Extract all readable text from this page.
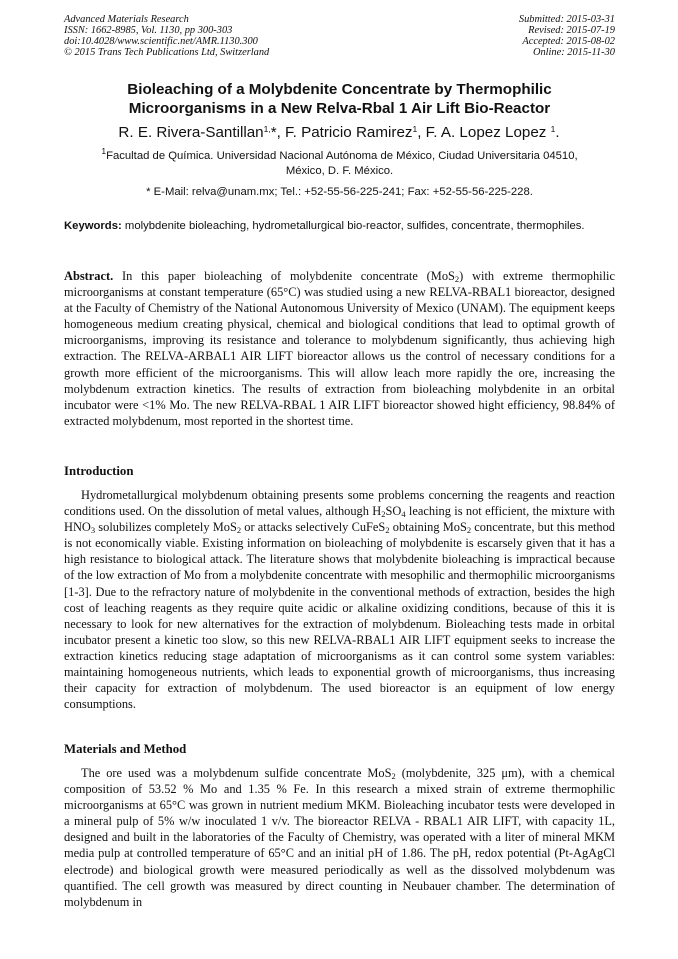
Advanced Materials Research
ISSN: 1662-8985, Vol. 1130, pp 300-303
doi:10.4028/www.scientific.net/AMR.1130.300
© 2015 Trans Tech Publications Ltd, Switzerland
Submitted: 2015-03-31
Revised: 2015-07-19
Accepted: 2015-08-02
Online: 2015-11-30
Bioleaching of a Molybdenite Concentrate by Thermophilic
Microorganisms in a New Relva-Rbal 1 Air Lift Bio-Reactor
R. E. Rivera-Santillan$^{1,}$*, F. Patricio Ramirez$^1$, F. A. Lopez Lopez $^1$.
$^1$Facultad de Química. Universidad Nacional Autónoma de México, Ciudad Universitaria 04510,
México, D. F. México.
* E-Mail: relva@unam.mx; Tel.: +52-55-56-225-241; Fax: +52-55-56-225-228.
Keywords: molybdenite bioleaching, hydrometallurgical bio-reactor, sulfides, concentrate, thermophiles.
Abstract. In this paper bioleaching of molybdenite concentrate (MoS$_2$) with extreme thermophilic microorganisms at constant temperature (65°C) was studied using a new RELVA-RBAL1 bioreactor, designed at the Faculty of Chemistry of the National Autonomous University of Mexico (UNAM). The equipment keeps homogeneous medium creating physical, chemical and biological conditions that lead to optimal growth of microorganisms, improving its resistance and tolerance to molybdenum significantly, thus achieving high extraction. The RELVA-ARBAL1 AIR LIFT bioreactor allows us the control of necessary conditions for a growth more efficient of the microorganisms. This will allow leach more rapidly the ore, increasing the molybdenum extraction kinetics. The results of extraction from bioleaching molybdenite in an orbital incubator were <1% Mo. The new RELVA-RBAL 1 AIR LIFT bioreactor showed hight efficiency, 98.84% of extracted molybdenum, most reported in the shortest time.
Introduction
Hydrometallurgical molybdenum obtaining presents some problems concerning the reagents and reaction conditions used. On the dissolution of metal values, although $H_2SO_4$ leaching is not efficient, the mixture with $HNO_3$ solubilizes completely MoS$_2$ or attacks selectively CuFeS$_2$ obtaining MoS$_2$ concentrate, but this method is not economically viable. Existing information on bioleaching of molybdenite is escarsely given that it has a high resistance to biological attack. The literature shows that molybdenite bioleaching is impractical because of the low extraction of Mo from a molybdenite concentrate with mesophilic and thermophilic microorganisms [1-3]. Due to the refractory nature of molybdenite in the conventional methods of extraction, besides the high cost of leaching reagents as they require quite acidic or alkaline oxidizing conditions, because of this it is necessary to look for new alternatives for the extraction of molybdenum. Bioleaching tests made in orbital incubator present a kinetic too slow, so this new RELVA-RBAL1 AIR LIFT equipment seeks to increase the extraction kinetics reducing stage adaptation of microorganisms as it can control some system variables: maintaining homogeneous nutrients, which leads to exponential growth of microorganisms, thus increasing their capacity for extraction of molybdenum. The used bioreactor is an equipment of low energy consumptions.
Materials and Method
The ore used was a molybdenum sulfide concentrate MoS$_2$ (molybdenite, 325 μm), with a chemical composition of 53.52 % Mo and 1.35 % Fe. In this research a mixed strain of extreme thermophilic microorganisms at 65°C was grown in nutrient medium MKM. Bioleaching incubator tests were developed in a mineral pulp of 5% w/w inoculated 1 v/v. The bioreactor RELVA - RBAL1 AIR LIFT, with capacity 1L, designed and built in the laboratories of the Faculty of Chemistry, was operated with a liter of mineral MKM media pulp at controlled temperature of 65°C and an initial pH of 1.86. The pH, redox potential (Pt-AgAgCl electrode) and biological growth were measured periodically as well as the dissolved molybdenum was quantified. The cell growth was measured by direct counting in Neubauer chamber. The determination of molybdenum in
